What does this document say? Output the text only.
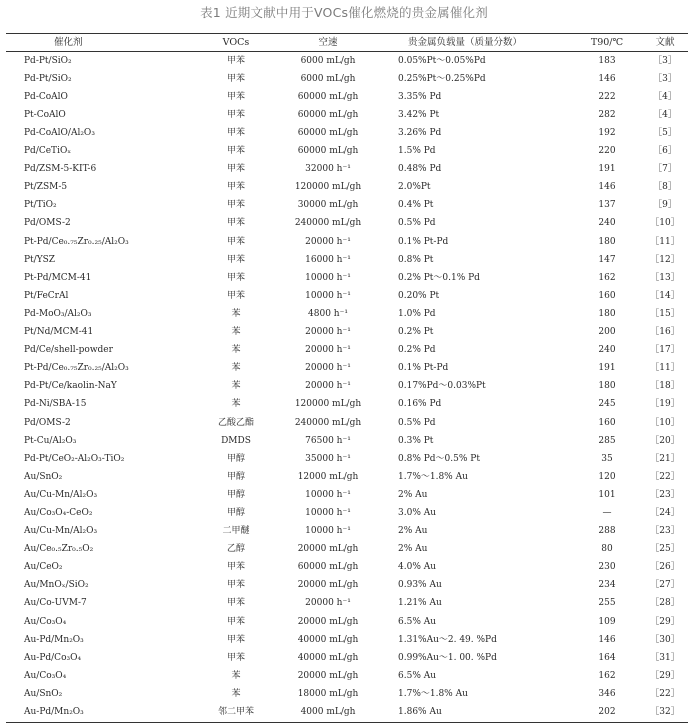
表1 近期文献中用于VOCs催化燃烧的贵金属催化剂
催化剂	VOCs	空速	贵金属负载量（质量分数）	T90/℃	文献
Pd-Pt/SiO₂	甲苯	6000 mL/gh	0.05%Pt～0.05%Pd	183	［3］
Pd-Pt/SiO₂	甲苯	6000 mL/gh	0.25%Pt～0.25%Pd	146	［3］
Pd-CoAlO	甲苯	60000 mL/gh	3.35% Pd	222	［4］
Pt-CoAlO	甲苯	60000 mL/gh	3.42% Pt	282	［4］
Pd-CoAlO/Al₂O₃	甲苯	60000 mL/gh	3.26% Pd	192	［5］
Pd/CeTiOₓ	甲苯	60000 mL/gh	1.5% Pd	220	［6］
Pd/ZSM-5-KIT-6	甲苯	32000 h⁻¹	0.48% Pd	191	［7］
Pt/ZSM-5	甲苯	120000 mL/gh	2.0%Pt	146	［8］
Pt/TiO₂	甲苯	30000 mL/gh	0.4% Pt	137	［9］
Pd/OMS-2	甲苯	240000 mL/gh	0.5% Pd	240	［10］
Pt-Pd/Ce₀.₇₅Zr₀.₂₅/Al₂O₃	甲苯	20000 h⁻¹	0.1% Pt-Pd	180	［11］
Pt/YSZ	甲苯	16000 h⁻¹	0.8% Pt	147	［12］
Pt-Pd/MCM-41	甲苯	10000 h⁻¹	0.2% Pt～0.1% Pd	162	［13］
Pt/FeCrAl	甲苯	10000 h⁻¹	0.20% Pt	160	［14］
Pd-MoO₃/Al₂O₃	苯	4800 h⁻¹	1.0% Pd	180	［15］
Pt/Nd/MCM-41	苯	20000 h⁻¹	0.2% Pt	200	［16］
Pd/Ce/shell-powder	苯	20000 h⁻¹	0.2% Pd	240	［17］
Pt-Pd/Ce₀.₇₅Zr₀.₂₅/Al₂O₃	苯	20000 h⁻¹	0.1% Pt-Pd	191	［11］
Pd-Pt/Ce/kaolin-NaY	苯	20000 h⁻¹	0.17%Pd～0.03%Pt	180	［18］
Pd-Ni/SBA-15	苯	120000 mL/gh	0.16% Pd	245	［19］
Pd/OMS-2	乙酸乙酯	240000 mL/gh	0.5% Pd	160	［10］
Pt-Cu/Al₂O₃	DMDS	76500 h⁻¹	0.3% Pt	285	［20］
Pd-Pt/CeO₂-Al₂O₃-TiO₂	甲醇	35000 h⁻¹	0.8% Pd～0.5% Pt	35	［21］
Au/SnO₂	甲醇	12000 mL/gh	1.7%～1.8% Au	120	［22］
Au/Cu-Mn/Al₂O₃	甲醇	10000 h⁻¹	2% Au	101	［23］
Au/Co₃O₄-CeO₂	甲醇	10000 h⁻¹	3.0% Au	—	［24］
Au/Cu-Mn/Al₂O₃	二甲醚	10000 h⁻¹	2% Au	288	［23］
Au/Ce₀.₅Zr₀.₅O₂	乙醇	20000 mL/gh	2% Au	80	［25］
Au/CeO₂	甲苯	60000 mL/gh	4.0% Au	230	［26］
Au/MnOₓ/SiO₂	甲苯	20000 mL/gh	0.93% Au	234	［27］
Au/Co-UVM-7	甲苯	20000 h⁻¹	1.21% Au	255	［28］
Au/Co₃O₄	甲苯	20000 mL/gh	6.5% Au	109	［29］
Au-Pd/Mn₂O₃	甲苯	40000 mL/gh	1.31%Au～2. 49. %Pd	146	［30］
Au-Pd/Co₃O₄	甲苯	40000 mL/gh	0.99%Au～1. 00. %Pd	164	［31］
Au/Co₃O₄	苯	20000 mL/gh	6.5% Au	162	［29］
Au/SnO₂	苯	18000 mL/gh	1.7%～1.8% Au	346	［22］
Au-Pd/Mn₂O₃	邻二甲苯	4000 mL/gh	1.86% Au	202	［32］
